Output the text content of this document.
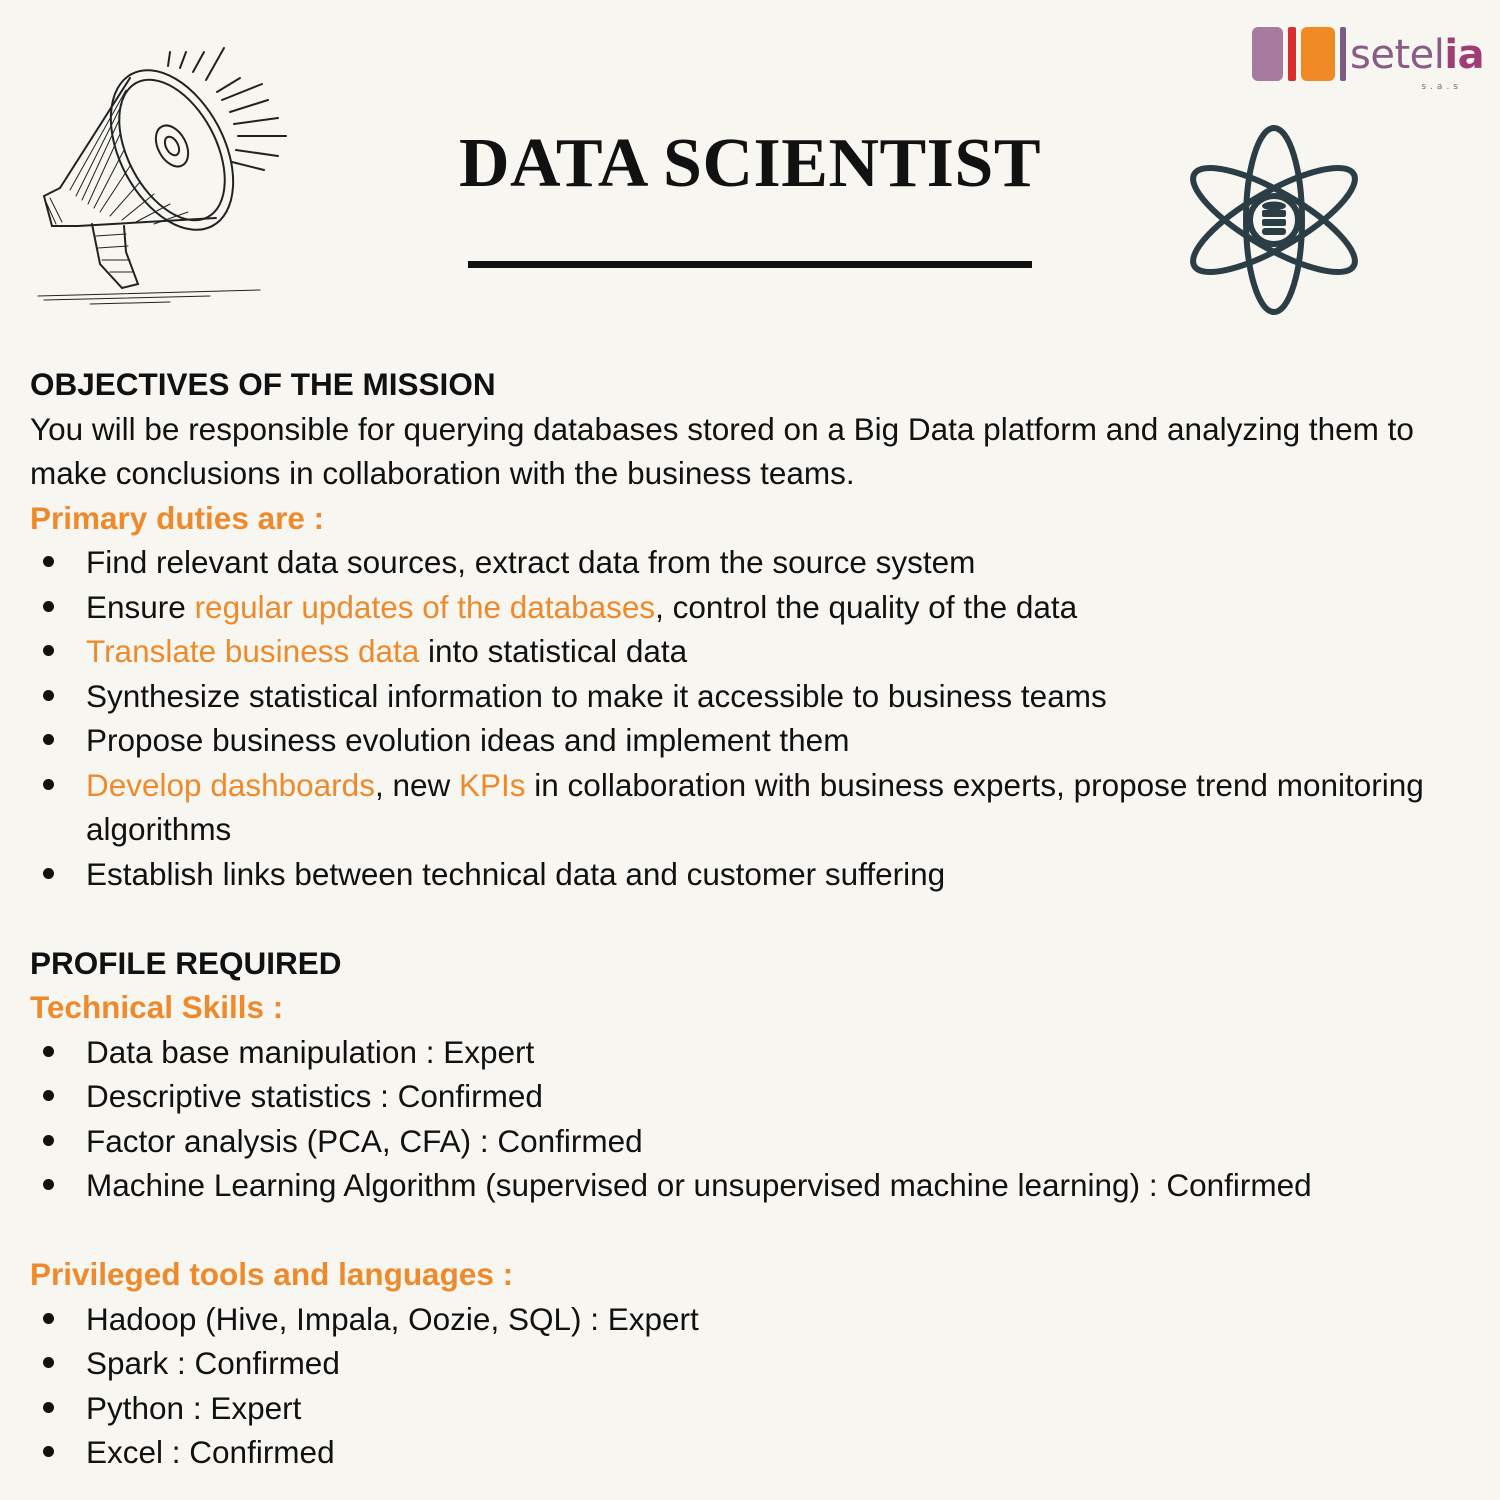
setelia
s.a.s
DATA SCIENTIST
OBJECTIVES OF THE MISSION

You will be responsible for querying databases stored on a Big Data platform and analyzing them to make conclusions in collaboration with the business teams.

Primary duties are :

Find relevant data sources, extract data from the source system
Ensure regular updates of the databases, control the quality of the data
Translate business data into statistical data
Synthesize statistical information to make it accessible to business teams
Propose business evolution ideas and implement them
Develop dashboards, new KPIs in collaboration with business experts, propose trend monitoring algorithms
Establish links between technical data and customer suffering
PROFILE REQUIRED

Technical Skills :

Data base manipulation : Expert
Descriptive statistics : Confirmed
Factor analysis (PCA, CFA) : Confirmed
Machine Learning Algorithm (supervised or unsupervised machine learning) : Confirmed

Privileged tools and languages :

Hadoop (Hive, Impala, Oozie, SQL) : Expert
Spark : Confirmed
Python : Expert
Excel : Confirmed
